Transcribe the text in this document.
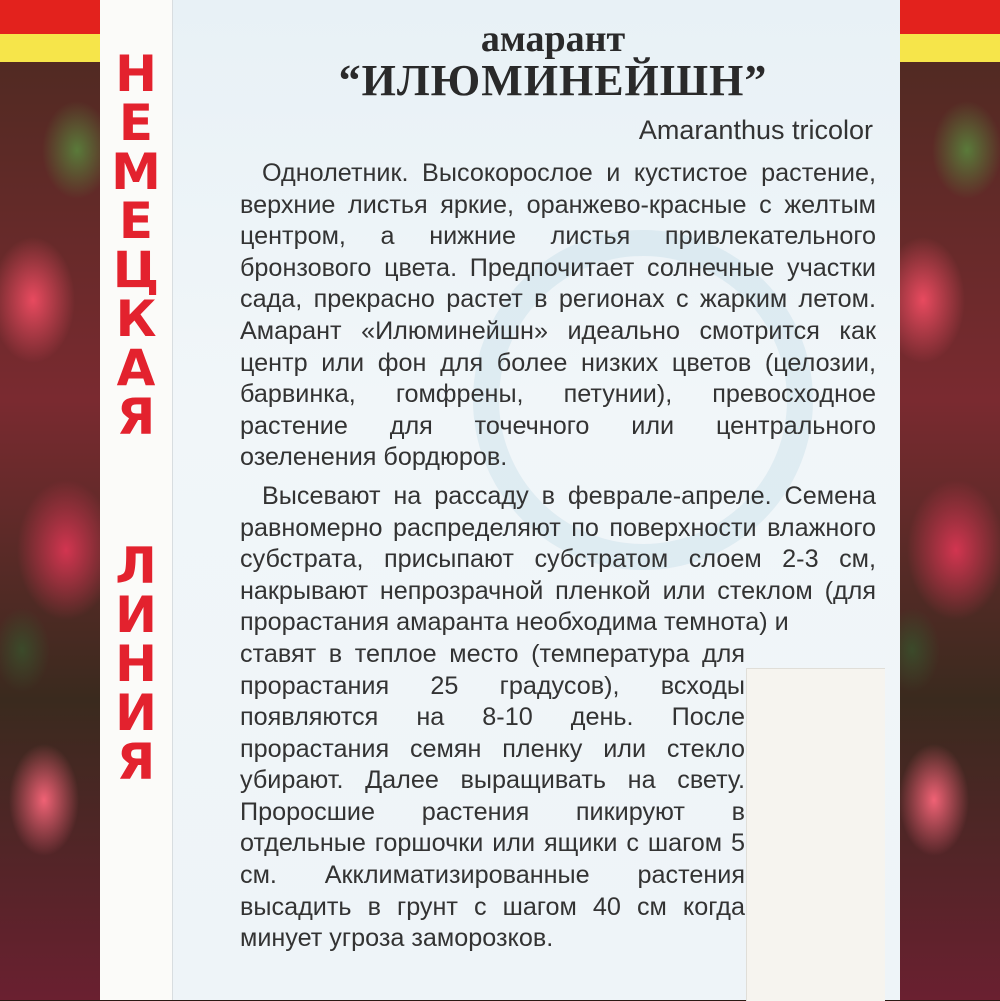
Н
Е
М
Е
Ц
К
А
Я
Л
И
Н
И
Я
амарант
“ИЛЮМИНЕЙШН”
Amaranthus tricolor

Однолетник. Высокорослое и кустистое растение, верхние листья яркие, оранжево-красные с желтым центром, а нижние листья привлекательного бронзового цвета. Предпочитает солнечные участки сада, прекрасно растет в регионах с жарким летом. Амарант «Илюминейшн» идеально смотрится как центр или фон для более низких цветов (целозии, барвинка, гомфрены, петунии), превосходное растение для точечного или центрального озеленения бордюров.

Высевают на рассаду в феврале-апреле. Семена равномерно распределяют по поверхности влажного субстрата, присыпают субстратом слоем 2-3 см, накрывают непрозрачной пленкой или стеклом (для прорастания амаранта необходима темнота) и

ставят в теплое место (температура для прорастания 25 градусов), всходы появляются на 8-10 день. После прорастания семян пленку или стекло убирают. Далее выращивать на свету. Проросшие растения пикируют в отдельные горшочки или ящики с шагом 5 см. Акклиматизированные растения высадить в грунт с шагом 40 см когда минует угроза заморозков.
